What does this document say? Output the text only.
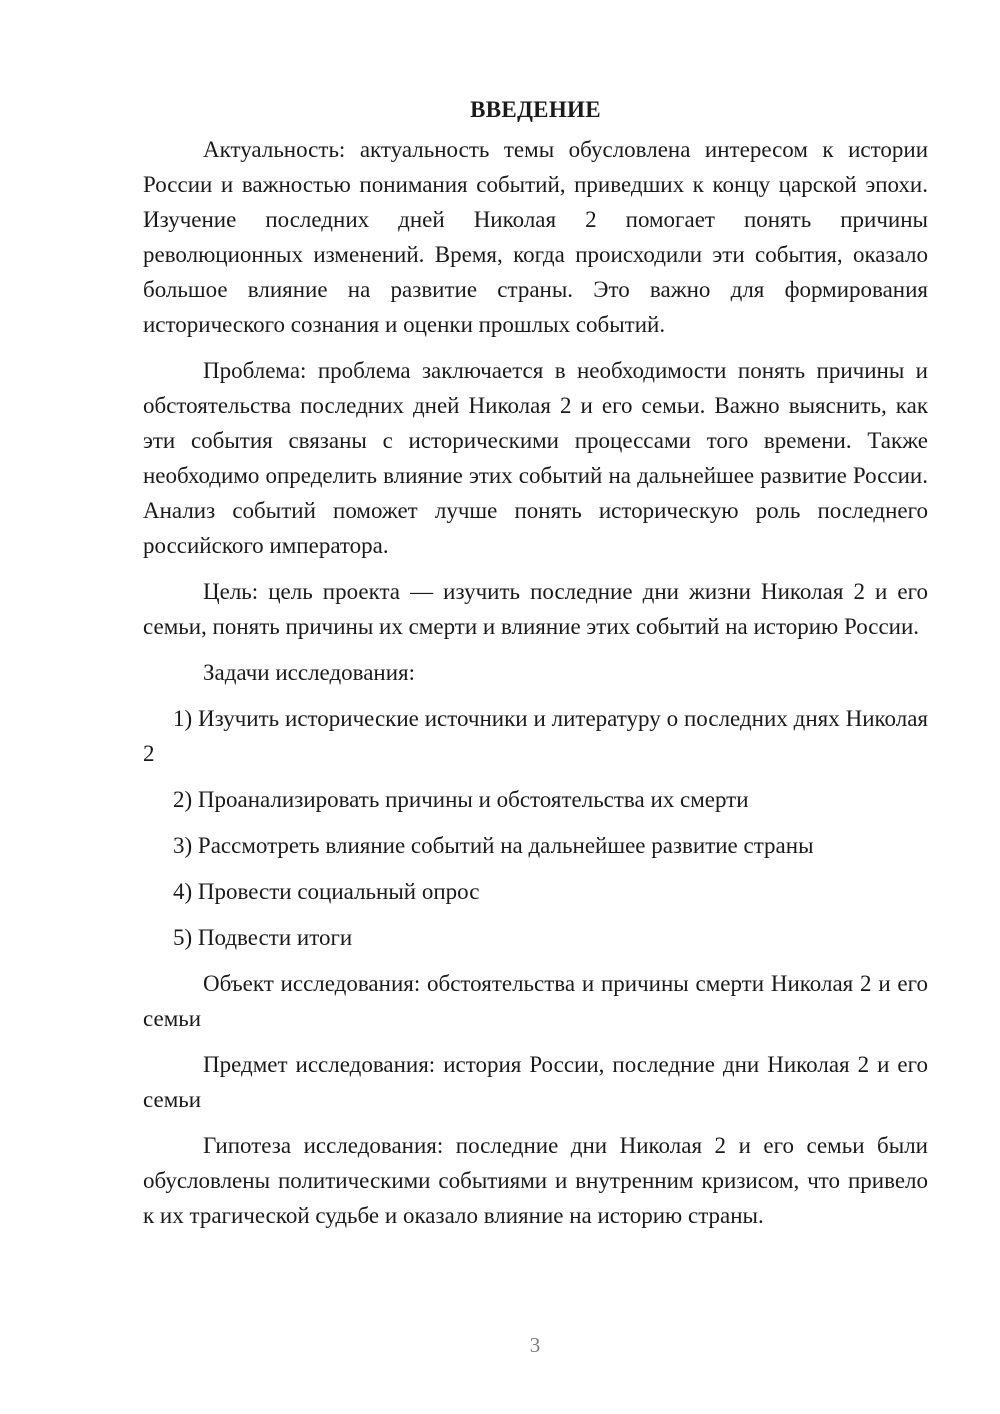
ВВЕДЕНИЕ

Актуальность: актуальность темы обусловлена интересом к истории России и важностью понимания событий, приведших к концу царской эпохи. Изучение последних дней Николая 2 помогает понять причины революционных изменений. Время, когда происходили эти события, оказало большое влияние на развитие страны. Это важно для формирования исторического сознания и оценки прошлых событий.

Проблема: проблема заключается в необходимости понять причины и обстоятельства последних дней Николая 2 и его семьи. Важно выяснить, как эти события связаны с историческими процессами того времени. Также необходимо определить влияние этих событий на дальнейшее развитие России. Анализ событий поможет лучше понять историческую роль последнего российского императора.

Цель: цель проекта — изучить последние дни жизни Николая 2 и его семьи, понять причины их смерти и влияние этих событий на историю России.

Задачи исследования:

1) Изучить исторические источники и литературу о последних днях Николая 2

2) Проанализировать причины и обстоятельства их смерти

3) Рассмотреть влияние событий на дальнейшее развитие страны

4) Провести социальный опрос

5) Подвести итоги

Объект исследования: обстоятельства и причины смерти Николая 2 и его семьи

Предмет исследования: история России, последние дни Николая 2 и его семьи

Гипотеза исследования: последние дни Николая 2 и его семьи были обусловлены политическими событиями и внутренним кризисом, что привело к их трагической судьбе и оказало влияние на историю страны.

3
